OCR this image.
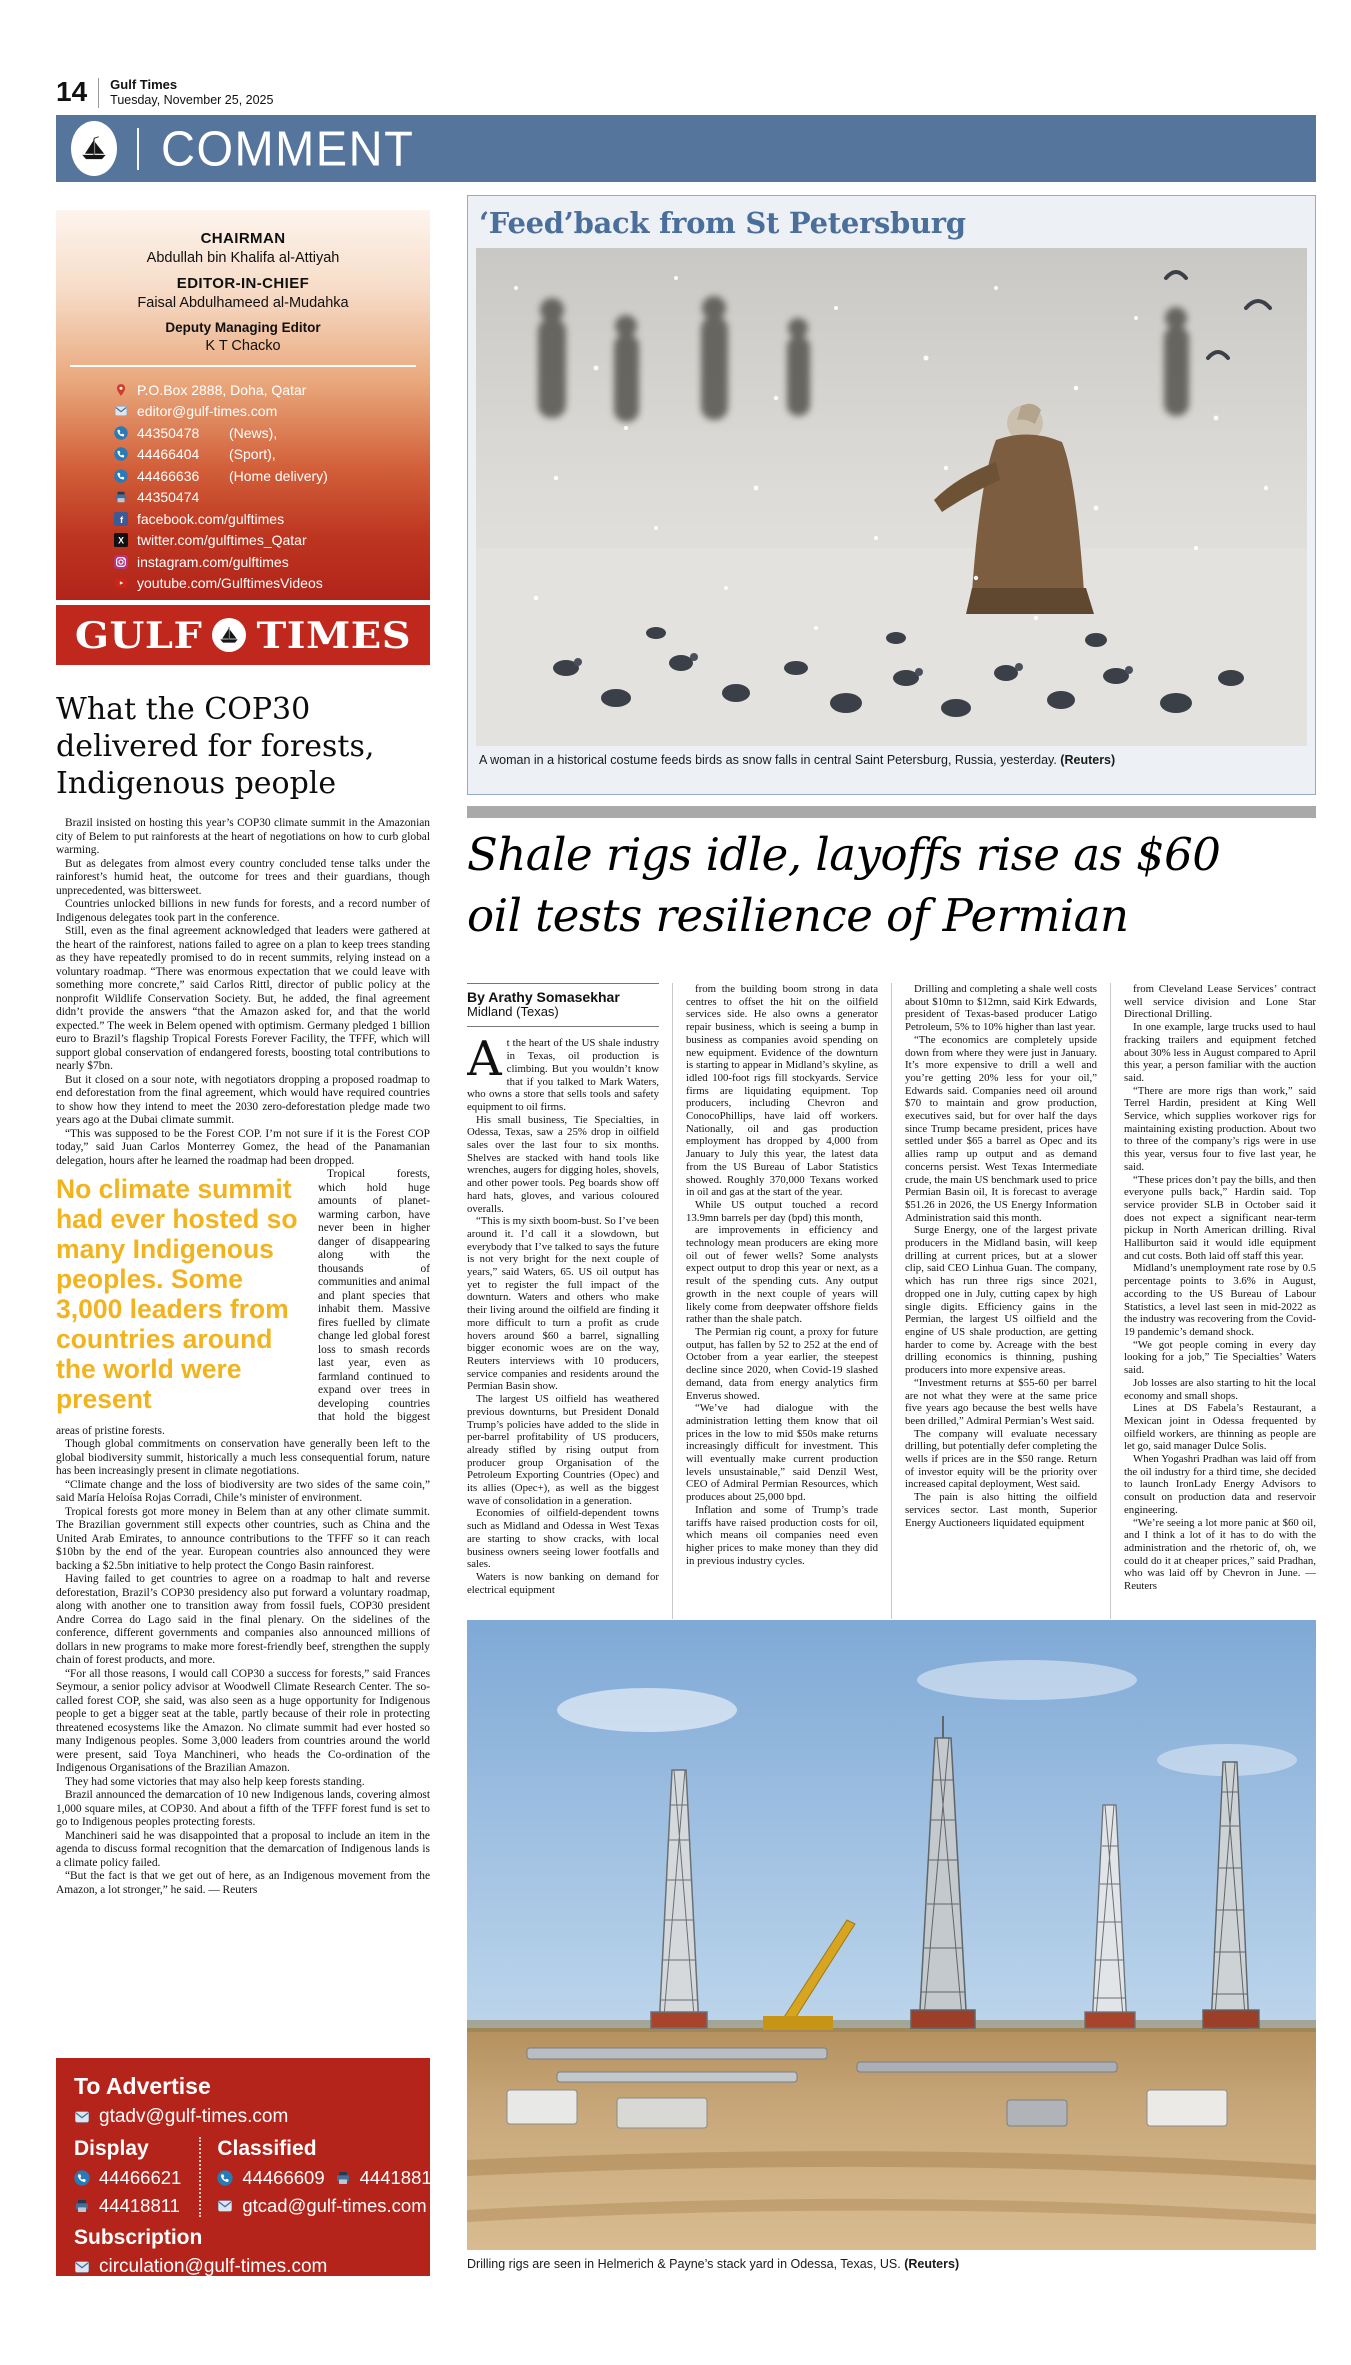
14 Gulf Times
Tuesday, November 25, 2025
COMMENT
CHAIRMAN
Abdullah bin Khalifa al-Attiyah
EDITOR-IN-CHIEF
Faisal Abdulhameed al-Mudahka
Deputy Managing Editor
K T Chacko
P.O.Box 2888, Doha, Qatar
editor@gulf-times.com
44350478	(News),
44466404	(Sport),
44466636	(Home delivery)
44350474
f facebook.com/gulftimes
X twitter.com/gulftimes_Qatar
instagram.com/gulftimes
youtube.com/GulftimesVideos
GULF TIMES
What the COP30
delivered for forests,
Indigenous people

Brazil insisted on hosting this year’s COP30 climate summit in the Amazonian city of Belem to put rainforests at the heart of negotiations on how to curb global warming.

But as delegates from almost every country concluded tense talks under the rainforest’s humid heat, the outcome for trees and their guardians, though unprecedented, was bittersweet.

Countries unlocked billions in new funds for forests, and a record number of Indigenous delegates took part in the conference.

Still, even as the final agreement acknowledged that leaders were gathered at the heart of the rainforest, nations failed to agree on a plan to keep trees standing as they have repeatedly promised to do in recent summits, relying instead on a voluntary roadmap. “There was enormous expectation that we could leave with something more concrete,” said Carlos Rittl, director of public policy at the nonprofit Wildlife Conservation Society. But, he added, the final agreement didn’t provide the answers “that the Amazon asked for, and that the world expected.” The week in Belem opened with optimism. Germany pledged 1 billion euro to Brazil’s flagship Tropical Forests Forever Facility, the TFFF, which will support global conservation of endangered forests, boosting total contributions to nearly $7bn.

But it closed on a sour note, with negotiators dropping a proposed roadmap to end deforestation from the final agreement, which would have required countries to show how they intend to meet the 2030 zero-deforestation pledge made two years ago at the Dubai climate summit.

“This was supposed to be the Forest COP. I’m not sure if it is the Forest COP today,” said Juan Carlos Monterrey Gomez, the head of the Panamanian delegation, hours after he learned the roadmap had been dropped.

No climate summit had ever hosted so many Indigenous peoples. Some 3,000 leaders from countries around the world were present

Tropical forests, which hold huge amounts of planet-warming carbon, have never been in higher danger of disappearing along with the thousands of communities and animal and plant species that inhabit them. Massive fires fuelled by climate change led global forest loss to smash records last year, even as farmland continued to expand over trees in developing countries that hold the biggest areas of pristine forests.

Though global commitments on conservation have generally been left to the global biodiversity summit, historically a much less consequential forum, nature has been increasingly present in climate negotiations.

“Climate change and the loss of biodiversity are two sides of the same coin,” said María Heloísa Rojas Corradi, Chile’s minister of environment.

Tropical forests got more money in Belem than at any other climate summit. The Brazilian government still expects other countries, such as China and the United Arab Emirates, to announce contributions to the TFFF so it can reach $10bn by the end of the year. European countries also announced they were backing a $2.5bn initiative to help protect the Congo Basin rainforest.

Having failed to get countries to agree on a roadmap to halt and reverse deforestation, Brazil’s COP30 presidency also put forward a voluntary roadmap, along with another one to transition away from fossil fuels, COP30 president Andre Correa do Lago said in the final plenary. On the sidelines of the conference, different governments and companies also announced millions of dollars in new programs to make more forest-friendly beef, strengthen the supply chain of forest products, and more.

“For all those reasons, I would call COP30 a success for forests,” said Frances Seymour, a senior policy advisor at Woodwell Climate Research Center. The so-called forest COP, she said, was also seen as a huge opportunity for Indigenous people to get a bigger seat at the table, partly because of their role in protecting threatened ecosystems like the Amazon. No climate summit had ever hosted so many Indigenous peoples. Some 3,000 leaders from countries around the world were present, said Toya Manchineri, who heads the Co-ordination of the Indigenous Organisations of the Brazilian Amazon.

They had some victories that may also help keep forests standing.

Brazil announced the demarcation of 10 new Indigenous lands, covering almost 1,000 square miles, at COP30. And about a fifth of the TFFF forest fund is set to go to Indigenous peoples protecting forests.

Manchineri said he was disappointed that a proposal to include an item in the agenda to discuss formal recognition that the demarcation of Indigenous lands is a climate policy failed.

“But the fact is that we get out of here, as an Indigenous movement from the Amazon, a lot stronger,” he said. — Reuters

To Advertise
gtadv@gulf-times.com
Display
44466621
44418811
Classified
44466609 44418811
gtcad@gulf-times.com
Subscription
circulation@gulf-times.com
© 2025 Gulf Times. All rights reserved
‘Feed’back from St Petersburg
A woman in a historical costume feeds birds as snow falls in central Saint Petersburg, Russia, yesterday. (Reuters)
Shale rigs idle, layoffs rise as $60
oil tests resilience of Permian
By Arathy Somasekhar
Midland (Texas)

At the heart of the US shale industry in Texas, oil production is climbing. But you wouldn’t know that if you talked to Mark Waters, who owns a store that sells tools and safety equipment to oil firms.

His small business, Tie Specialties, in Odessa, Texas, saw a 25% drop in oilfield sales over the last four to six months. Shelves are stacked with hand tools like wrenches, augers for digging holes, shovels, and other power tools. Peg boards show off hard hats, gloves, and various coloured overalls.

“This is my sixth boom-bust. So I’ve been around it. I’d call it a slowdown, but everybody that I’ve talked to says the future is not very bright for the next couple of years,” said Waters, 65. US oil output has yet to register the full impact of the downturn. Waters and others who make their living around the oilfield are finding it more difficult to turn a profit as crude hovers around $60 a barrel, signalling bigger economic woes are on the way, Reuters interviews with 10 producers, service companies and residents around the Permian Basin show.

The largest US oilfield has weathered previous downturns, but President Donald Trump’s policies have added to the slide in per-barrel profitability of US producers, already stifled by rising output from producer group Organisation of the Petroleum Exporting Countries (Opec) and its allies (Opec+), as well as the biggest wave of consolidation in a generation.

Economies of oilfield-dependent towns such as Midland and Odessa in West Texas are starting to show cracks, with local business owners seeing lower footfalls and sales.

Waters is now banking on demand for electrical equipment

from the building boom strong in data centres to offset the hit on the oilfield services side. He also owns a generator repair business, which is seeing a bump in business as companies avoid spending on new equipment. Evidence of the downturn is starting to appear in Midland’s skyline, as idled 100-foot rigs fill stockyards. Service firms are liquidating equipment. Top producers, including Chevron and ConocoPhillips, have laid off workers. Nationally, oil and gas production employment has dropped by 4,000 from January to July this year, the latest data from the US Bureau of Labor Statistics showed. Roughly 370,000 Texans worked in oil and gas at the start of the year.

While US output touched a record 13.9mn barrels per day (bpd) this month,

are improvements in efficiency and technology mean producers are eking more oil out of fewer wells? Some analysts expect output to drop this year or next, as a result of the spending cuts. Any output growth in the next couple of years will likely come from deepwater offshore fields rather than the shale patch.

The Permian rig count, a proxy for future output, has fallen by 52 to 252 at the end of October from a year earlier, the steepest decline since 2020, when Covid-19 slashed demand, data from energy analytics firm Enverus showed.

“We’ve had dialogue with the administration letting them know that oil prices in the low to mid $50s make returns increasingly difficult for investment. This will eventually make current production levels unsustainable,” said Denzil West, CEO of Admiral Permian Resources, which produces about 25,000 bpd.

Inflation and some of Trump’s trade tariffs have raised production costs for oil, which means oil companies need even higher prices to make money than they did in previous industry cycles.

Drilling and completing a shale well costs about $10mn to $12mn, said Kirk Edwards, president of Texas-based producer Latigo Petroleum, 5% to 10% higher than last year.

“The economics are completely upside down from where they were just in January. It’s more expensive to drill a well and you’re getting 20% less for your oil,” Edwards said. Companies need oil around $70 to maintain and grow production, executives said, but for over half the days since Trump became president, prices have settled under $65 a barrel as Opec and its allies ramp up output and as demand concerns persist. West Texas Intermediate crude, the main US benchmark used to price Permian Basin oil, It is forecast to average $51.26 in 2026, the US Energy Information Administration said this month.

Surge Energy, one of the largest private producers in the Midland basin, will keep drilling at current prices, but at a slower clip, said CEO Linhua Guan. The company, which has run three rigs since 2021, dropped one in July, cutting capex by high single digits. Efficiency gains in the Permian, the largest US oilfield and the engine of US shale production, are getting harder to come by. Acreage with the best drilling economics is thinning, pushing producers into more expensive areas.

“Investment returns at $55-60 per barrel are not what they were at the same price five years ago because the best wells have been drilled,” Admiral Permian’s West said.

The company will evaluate necessary drilling, but potentially defer completing the wells if prices are in the $50 range. Return of investor equity will be the priority over increased capital deployment, West said.

The pain is also hitting the oilfield services sector. Last month, Superior Energy Auctioneers liquidated equipment

from Cleveland Lease Services’ contract well service division and Lone Star Directional Drilling.

In one example, large trucks used to haul fracking trailers and equipment fetched about 30% less in August compared to April this year, a person familiar with the auction said.

“There are more rigs than work,” said Terrel Hardin, president at King Well Service, which supplies workover rigs for maintaining existing production. About two to three of the company’s rigs were in use this year, versus four to five last year, he said.

“These prices don’t pay the bills, and then everyone pulls back,” Hardin said. Top service provider SLB in October said it does not expect a significant near-term pickup in North American drilling. Rival Halliburton said it would idle equipment and cut costs. Both laid off staff this year.

Midland’s unemployment rate rose by 0.5 percentage points to 3.6% in August, according to the US Bureau of Labour Statistics, a level last seen in mid-2022 as the industry was recovering from the Covid-19 pandemic’s demand shock.

“We got people coming in every day looking for a job,” Tie Specialties’ Waters said.

Job losses are also starting to hit the local economy and small shops.

Lines at DS Fabela’s Restaurant, a Mexican joint in Odessa frequented by oilfield workers, are thinning as people are let go, said manager Dulce Solis.

When Yogashri Pradhan was laid off from the oil industry for a third time, she decided to launch IronLady Energy Advisors to consult on production data and reservoir engineering.

“We’re seeing a lot more panic at $60 oil, and I think a lot of it has to do with the administration and the rhetoric of, oh, we could do it at cheaper prices,” said Pradhan, who was laid off by Chevron in June. — Reuters

Drilling rigs are seen in Helmerich & Payne’s stack yard in Odessa, Texas, US. (Reuters)
